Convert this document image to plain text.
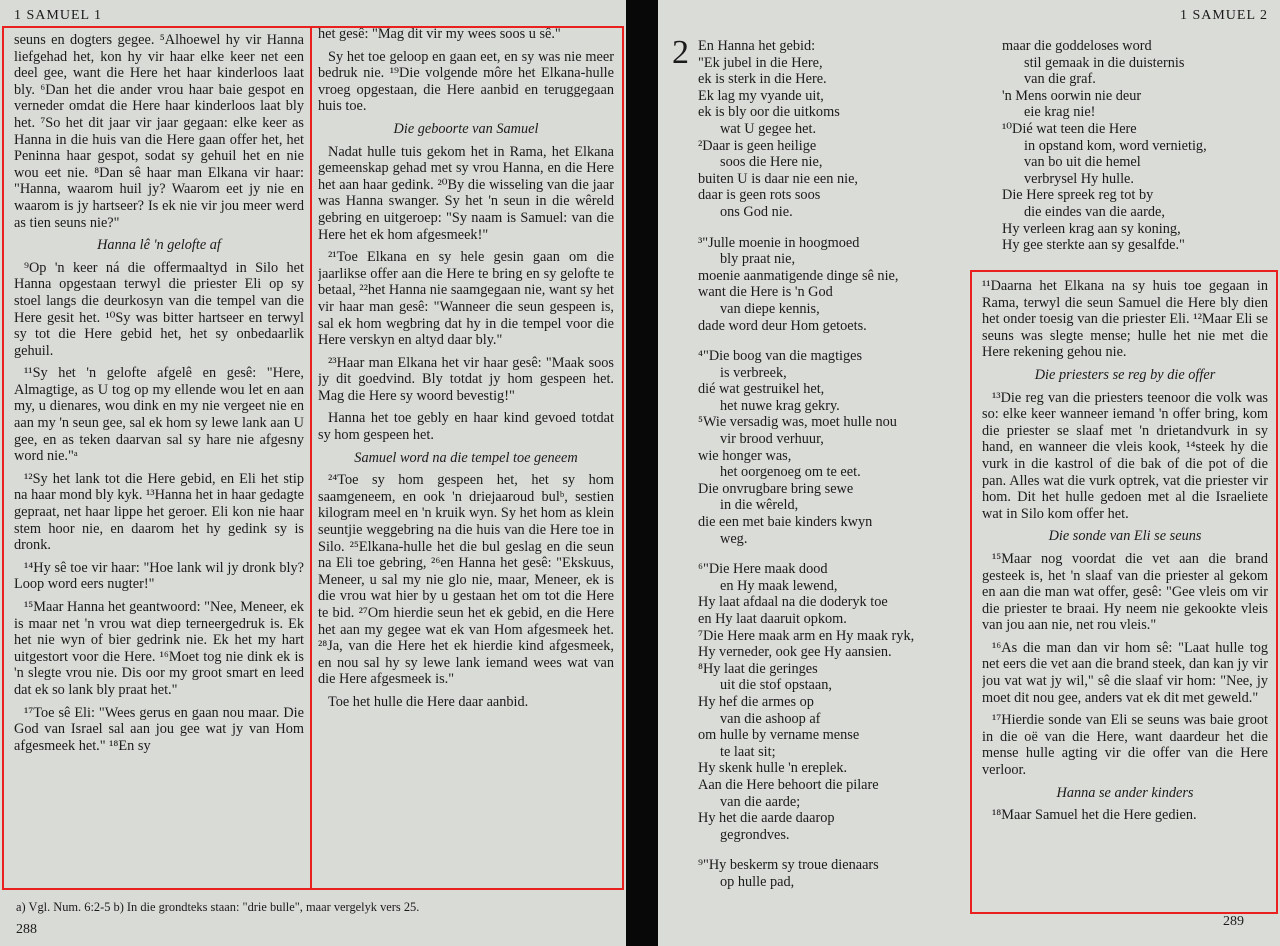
1 SAMUEL 1

seuns en dogters gegee. ⁵Alhoewel hy vir Hanna liefgehad het, kon hy vir haar elke keer net een deel gee, want die Here het haar kinderloos laat bly. ⁶Dan het die ander vrou haar baie gespot en verneder omdat die Here haar kinderloos laat bly het. ⁷So het dit jaar vir jaar gegaan: elke keer as Hanna in die huis van die Here gaan offer het, het Peninna haar gespot, sodat sy gehuil het en nie wou eet nie. ⁸Dan sê haar man Elkana vir haar: "Hanna, waarom huil jy? Waarom eet jy nie en waarom is jy hartseer? Is ek nie vir jou meer werd as tien seuns nie?"

Hanna lê 'n gelofte af

⁹Op 'n keer ná die offermaaltyd in Silo het Hanna opgestaan terwyl die priester Eli op sy stoel langs die deurkosyn van die tempel van die Here gesit het. ¹⁰Sy was bitter hartseer en terwyl sy tot die Here gebid het, het sy onbedaarlik gehuil.

¹¹Sy het 'n gelofte afgelê en gesê: "Here, Almagtige, as U tog op my ellende wou let en aan my, u dienares, wou dink en my nie vergeet nie en aan my 'n seun gee, sal ek hom sy lewe lank aan U gee, en as teken daarvan sal sy hare nie afgesny word nie."ᵃ

¹²Sy het lank tot die Here gebid, en Eli het stip na haar mond bly kyk. ¹³Hanna het in haar gedagte gepraat, net haar lippe het geroer. Eli kon nie haar stem hoor nie, en daarom het hy gedink sy is dronk.

¹⁴Hy sê toe vir haar: "Hoe lank wil jy dronk bly? Loop word eers nugter!"

¹⁵Maar Hanna het geantwoord: "Nee, Meneer, ek is maar net 'n vrou wat diep terneergedruk is. Ek het nie wyn of bier gedrink nie. Ek het my hart uitgestort voor die Here. ¹⁶Moet tog nie dink ek is 'n slegte vrou nie. Dis oor my groot smart en leed dat ek so lank bly praat het."

¹⁷Toe sê Eli: "Wees gerus en gaan nou maar. Die God van Israel sal aan jou gee wat jy van Hom afgesmeek het." ¹⁸En sy

het gesê: "Mag dit vir my wees soos u sê."

Sy het toe geloop en gaan eet, en sy was nie meer bedruk nie. ¹⁹Die volgende môre het Elkana-hulle vroeg opgestaan, die Here aanbid en teruggegaan huis toe.

Die geboorte van Samuel

Nadat hulle tuis gekom het in Rama, het Elkana gemeenskap gehad met sy vrou Hanna, en die Here het aan haar gedink. ²⁰By die wisseling van die jaar was Hanna swanger. Sy het 'n seun in die wêreld gebring en uitgeroep: "Sy naam is Samuel: van die Here het ek hom afgesmeek!"

²¹Toe Elkana en sy hele gesin gaan om die jaarlikse offer aan die Here te bring en sy gelofte te betaal, ²²het Hanna nie saamgegaan nie, want sy het vir haar man gesê: "Wanneer die seun gespeen is, sal ek hom wegbring dat hy in die tempel voor die Here verskyn en altyd daar bly."

²³Haar man Elkana het vir haar gesê: "Maak soos jy dit goedvind. Bly totdat jy hom gespeen het. Mag die Here sy woord bevestig!"

Hanna het toe gebly en haar kind gevoed totdat sy hom gespeen het.

Samuel word na die tempel toe geneem

²⁴Toe sy hom gespeen het, het sy hom saamgeneem, en ook 'n driejaaroud bulᵇ, sestien kilogram meel en 'n kruik wyn. Sy het hom as klein seuntjie weggebring na die huis van die Here toe in Silo. ²⁵Elkana-hulle het die bul geslag en die seun na Eli toe gebring, ²⁶en Hanna het gesê: "Ekskuus, Meneer, u sal my nie glo nie, maar, Meneer, ek is die vrou wat hier by u gestaan het om tot die Here te bid. ²⁷Om hierdie seun het ek gebid, en die Here het aan my gegee wat ek van Hom afgesmeek het. ²⁸Ja, van die Here het ek hierdie kind afgesmeek, en nou sal hy sy lewe lank iemand wees wat van die Here afgesmeek is."

Toe het hulle die Here daar aanbid.

a) Vgl. Num. 6:2-5 b) In die grondteks staan: "drie bulle", maar vergelyk vers 25.
288
1 SAMUEL 2
2 En Hanna het gebid:
"Ek jubel in die Here,
ek is sterk in die Here.
Ek lag my vyande uit,
ek is bly oor die uitkoms
wat U gegee het.
²Daar is geen heilige
soos die Here nie,
buiten U is daar nie een nie,
daar is geen rots soos
ons God nie.
³"Julle moenie in hoogmoed
bly praat nie,
moenie aanmatigende dinge sê nie,
want die Here is 'n God
van diepe kennis,
dade word deur Hom getoets.
⁴"Die boog van die magtiges
is verbreek,
dié wat gestruikel het,
het nuwe krag gekry.
⁵Wie versadig was, moet hulle nou
vir brood verhuur,
wie honger was,
het oorgenoeg om te eet.
Die onvrugbare bring sewe
in die wêreld,
die een met baie kinders kwyn
weg.
⁶"Die Here maak dood
en Hy maak lewend,
Hy laat afdaal na die doderyk toe
en Hy laat daaruit opkom.
⁷Die Here maak arm en Hy maak ryk,
Hy verneder, ook gee Hy aansien.
⁸Hy laat die geringes
uit die stof opstaan,
Hy hef die armes op
van die ashoop af
om hulle by vername mense
te laat sit;
Hy skenk hulle 'n ereplek.
Aan die Here behoort die pilare
van die aarde;
Hy het die aarde daarop
gegrondves.
⁹"Hy beskerm sy troue dienaars
op hulle pad,
maar die goddeloses word
stil gemaak in die duisternis
van die graf.
'n Mens oorwin nie deur
eie krag nie!
¹⁰Dié wat teen die Here
in opstand kom, word vernietig,
van bo uit die hemel
verbrysel Hy hulle.
Die Here spreek reg tot by
die eindes van die aarde,
Hy verleen krag aan sy koning,
Hy gee sterkte aan sy gesalfde."

¹¹Daarna het Elkana na sy huis toe gegaan in Rama, terwyl die seun Samuel die Here bly dien het onder toesig van die priester Eli. ¹²Maar Eli se seuns was slegte mense; hulle het nie met die Here rekening gehou nie.

Die priesters se reg by die offer

¹³Die reg van die priesters teenoor die volk was so: elke keer wanneer iemand 'n offer bring, kom die priester se slaaf met 'n drietandvurk in sy hand, en wanneer die vleis kook, ¹⁴steek hy die vurk in die kastrol of die bak of die pot of die pan. Alles wat die vurk optrek, vat die priester vir hom. Dit het hulle gedoen met al die Israeliete wat in Silo kom offer het.

Die sonde van Eli se seuns

¹⁵Maar nog voordat die vet aan die brand gesteek is, het 'n slaaf van die priester al gekom en aan die man wat offer, gesê: "Gee vleis om vir die priester te braai. Hy neem nie gekookte vleis van jou aan nie, net rou vleis."

¹⁶As die man dan vir hom sê: "Laat hulle tog net eers die vet aan die brand steek, dan kan jy vir jou vat wat jy wil," sê die slaaf vir hom: "Nee, jy moet dit nou gee, anders vat ek dit met geweld."

¹⁷Hierdie sonde van Eli se seuns was baie groot in die oë van die Here, want daardeur het die mense hulle agting vir die offer van die Here verloor.

Hanna se ander kinders

¹⁸Maar Samuel het die Here gedien.

289
